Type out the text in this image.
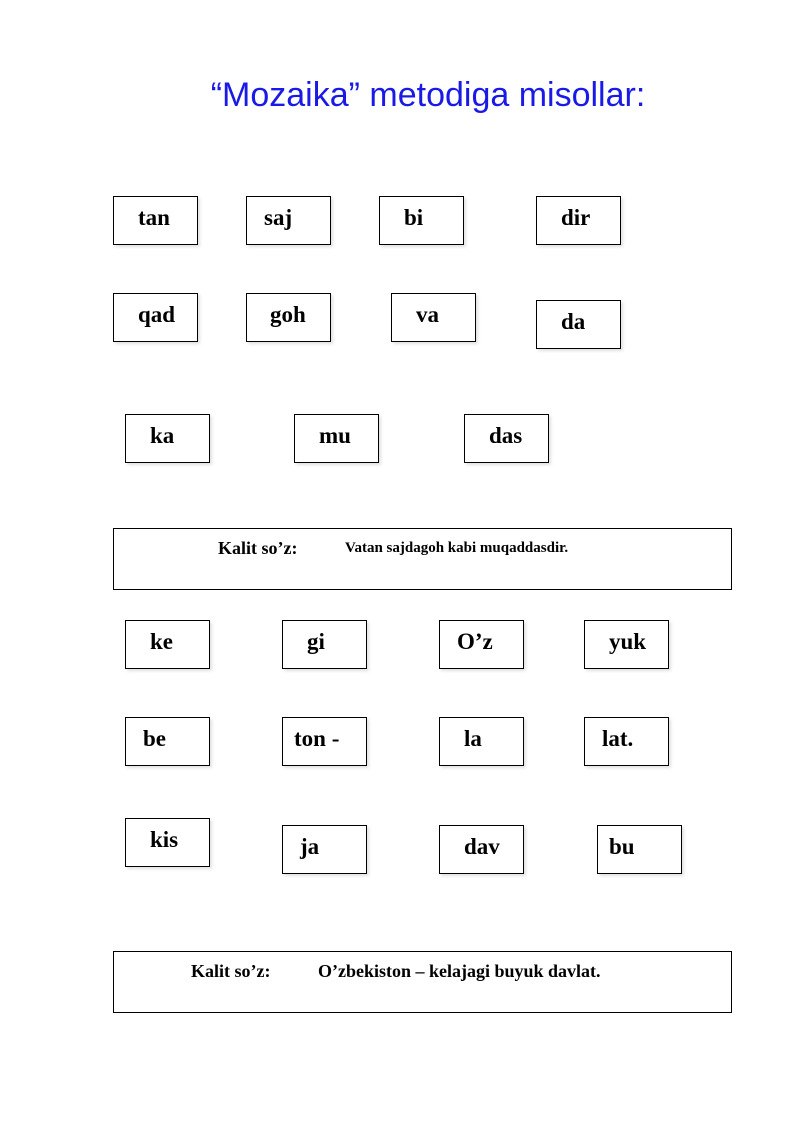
“Mozaika” metodiga misollar:
tan	saj	bi	dir
qad	goh	va	da
ka	mu	das
Kalit so’z:	Vatan sajdagoh kabi muqaddasdir.
ke	gi	O’z	yuk
be	ton -	la	lat.
kis	ja	dav	bu
Kalit so’z:	O’zbekiston – kelajagi buyuk davlat.
